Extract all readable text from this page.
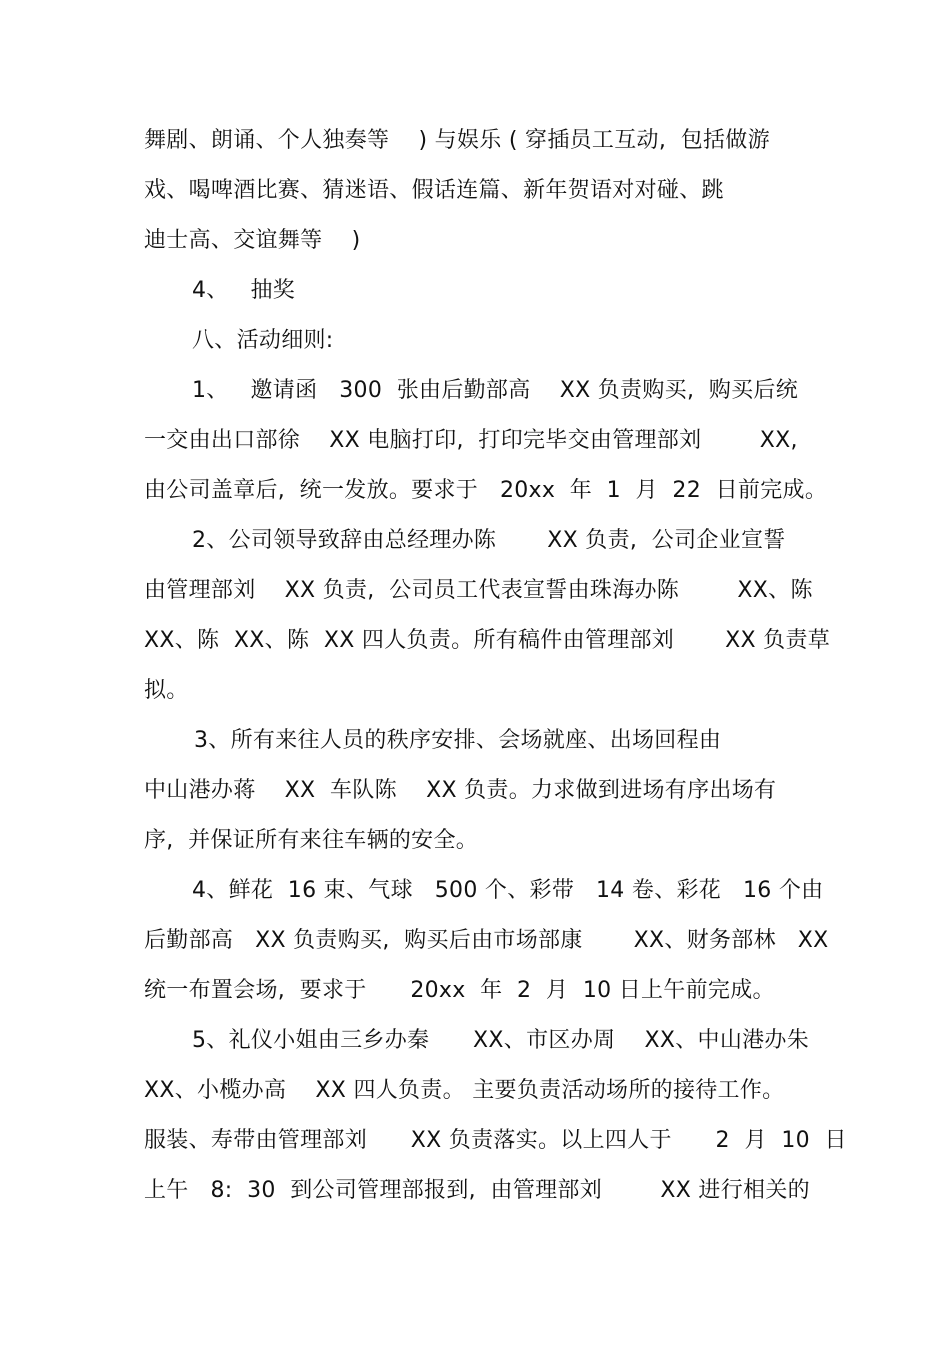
舞剧、朗诵、个人独奏等    ) 与娱乐 ( 穿插员工互动,  包括做游
戏、喝啤酒比赛、猜迷语、假话连篇、新年贺语对对碰、跳
迪士高、交谊舞等    )
4、   抽奖
八、活动细则:
1、   邀请函   300  张由后勤部高    XX 负责购买,  购买后统
一交由出口部徐    XX 电脑打印,  打印完毕交由管理部刘        XX,
由公司盖章后,  统一发放。要求于   20xx  年  1  月  22  日前完成。
2、公司领导致辞由总经理办陈       XX 负责,  公司企业宣誓
由管理部刘    XX 负责,  公司员工代表宣誓由珠海办陈        XX、陈
XX、陈  XX、陈  XX 四人负责。所有稿件由管理部刘       XX 负责草
拟。
3、所有来往人员的秩序安排、会场就座、出场回程由
中山港办蒋    XX  车队陈    XX 负责。力求做到进场有序出场有
序,  并保证所有来往车辆的安全。
4、鲜花  16 束、气球   500 个、彩带   14 卷、彩花   16 个由
后勤部高   XX 负责购买,  购买后由市场部康       XX、财务部林   XX
统一布置会场,  要求于      20xx  年  2  月  10 日上午前完成。
5、礼仪小姐由三乡办秦      XX、市区办周    XX、中山港办朱
XX、小榄办高    XX 四人负责。 主要负责活动场所的接待工作。
服装、寿带由管理部刘      XX 负责落实。以上四人于      2  月  10  日
上午   8:  30  到公司管理部报到,  由管理部刘        XX 进行相关的
